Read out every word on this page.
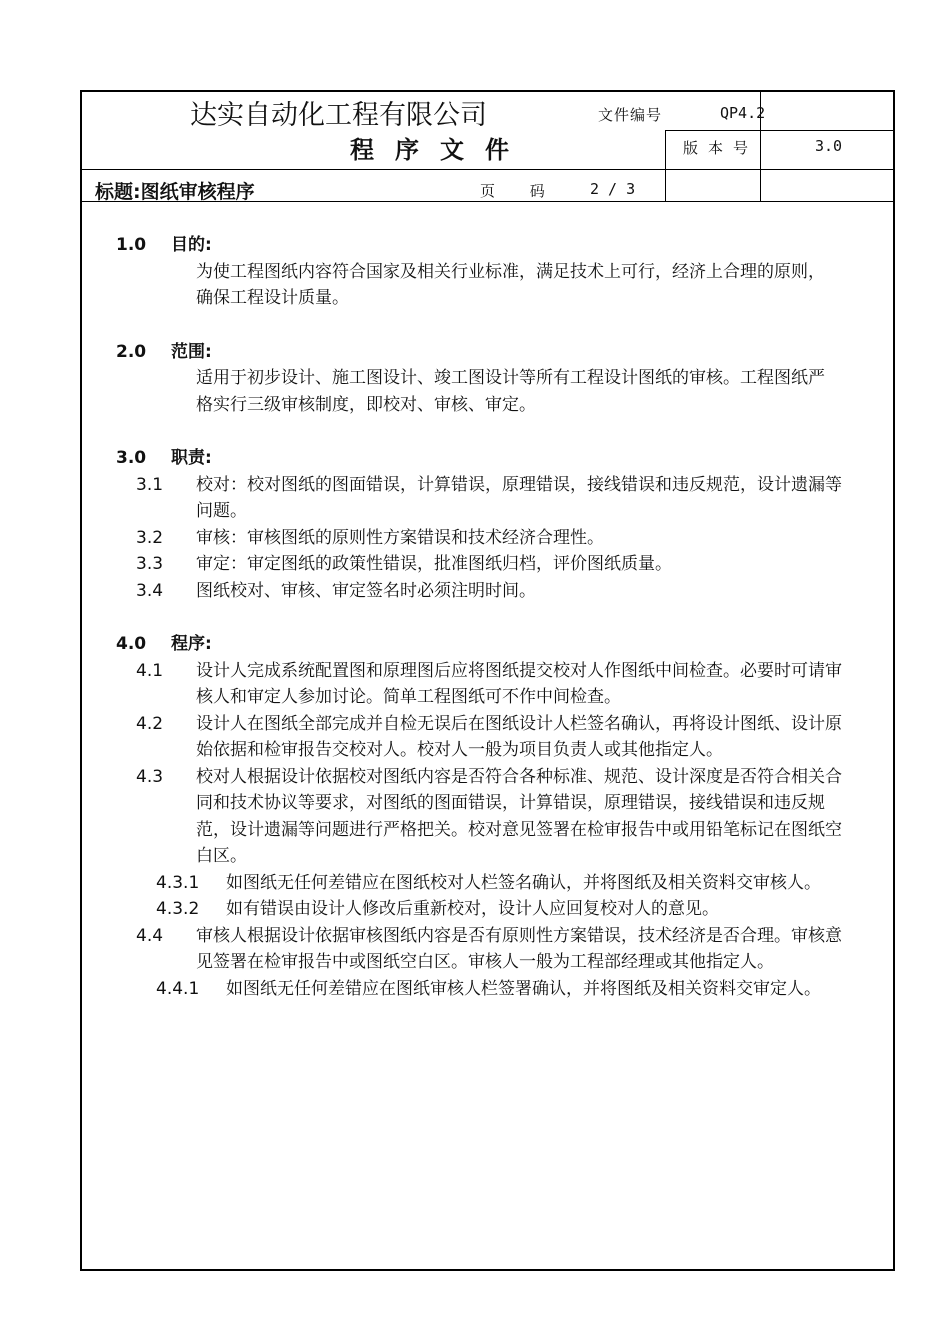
达实自动化工程有限公司
程序文件
文件编号	QP4.2
版本号	3.0
标题:图纸审核程序	页 码	2 / 3
1.0 目的:
为使工程图纸内容符合国家及相关行业标准，满足技术上可行，经济上合理的原则，确保工程设计质量。
2.0 范围:
适用于初步设计、施工图设计、竣工图设计等所有工程设计图纸的审核。工程图纸严格实行三级审核制度，即校对、审核、审定。
3.0 职责:
3.1 校对：校对图纸的图面错误，计算错误，原理错误，接线错误和违反规范，设计遗漏等问题。
3.2 审核：审核图纸的原则性方案错误和技术经济合理性。
3.3 审定：审定图纸的政策性错误，批准图纸归档，评价图纸质量。
3.4 图纸校对、审核、审定签名时必须注明时间。
4.0 程序:
4.1 设计人完成系统配置图和原理图后应将图纸提交校对人作图纸中间检查。必要时可请审核人和审定人参加讨论。简单工程图纸可不作中间检查。
4.2 设计人在图纸全部完成并自检无误后在图纸设计人栏签名确认，再将设计图纸、设计原始依据和检审报告交校对人。校对人一般为项目负责人或其他指定人。
4.3 校对人根据设计依据校对图纸内容是否符合各种标准、规范、设计深度是否符合相关合同和技术协议等要求，对图纸的图面错误，计算错误，原理错误，接线错误和违反规范，设计遗漏等问题进行严格把关。校对意见签署在检审报告中或用铅笔标记在图纸空白区。
4.3.1 如图纸无任何差错应在图纸校对人栏签名确认，并将图纸及相关资料交审核人。
4.3.2 如有错误由设计人修改后重新校对，设计人应回复校对人的意见。
4.4 审核人根据设计依据审核图纸内容是否有原则性方案错误，技术经济是否合理。审核意见签署在检审报告中或图纸空白区。审核人一般为工程部经理或其他指定人。
4.4.1 如图纸无任何差错应在图纸审核人栏签署确认，并将图纸及相关资料交审定人。
